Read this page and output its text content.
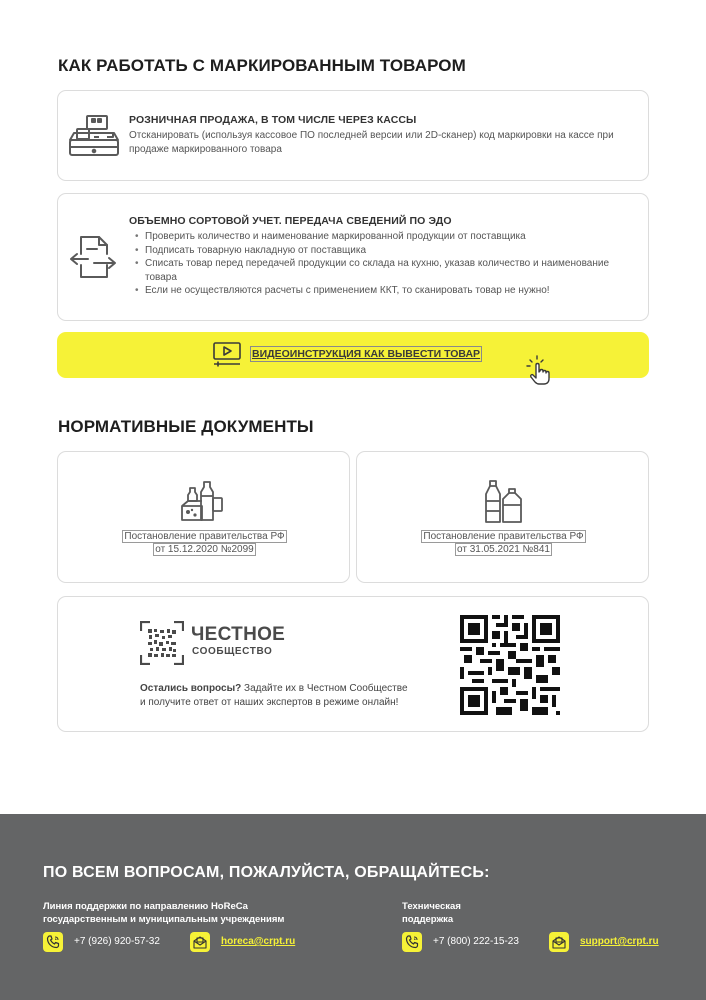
КАК РАБОТАТЬ С МАРКИРОВАННЫМ ТОВАРОМ
РОЗНИЧНАЯ ПРОДАЖА, В ТОМ ЧИСЛЕ ЧЕРЕЗ КАССЫ
Отсканировать (используя кассовое ПО последней версии или 2D-сканер) код маркировки на кассе при продаже маркированного товара
ОБЪЕМНО СОРТОВОЙ УЧЕТ. ПЕРЕДАЧА СВЕДЕНИЙ ПО ЭДО
• Проверить количество и наименование маркированной продукции от поставщика
• Подписать товарную накладную от поставщика
• Списать товар перед передачей продукции со склада на кухню, указав количество и наименование товара
• Если не осуществляются расчеты с применением ККТ, то сканировать товар не нужно!
ВИДЕОИНСТРУКЦИЯ КАК ВЫВЕСТИ ТОВАР
НОРМАТИВНЫЕ ДОКУМЕНТЫ
Постановление правительства РФ
от 15.12.2020 №2099
Постановление правительства РФ
от 31.05.2021 №841
ЧЕСТНОЕ
СООБЩЕСТВО
Остались вопросы? Задайте их в Честном Сообществе
и получите ответ от наших экспертов в режиме онлайн!
ПО ВСЕМ ВОПРОСАМ, ПОЖАЛУЙСТА, ОБРАЩАЙТЕСЬ:
Линия поддержки по направлению HoReCa
государственным и муниципальным учреждениям
Техническая
поддержка
+7 (926) 920-57-32	horeca@crpt.ru	+7 (800) 222-15-23	support@crpt.ru
